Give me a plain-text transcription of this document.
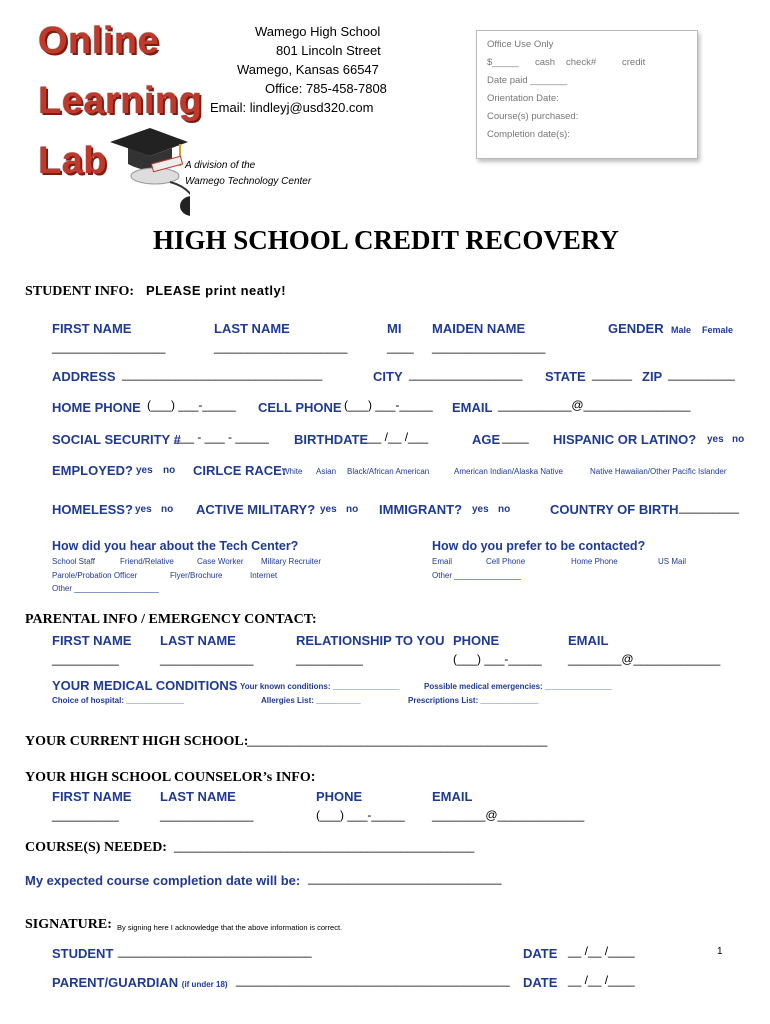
Online
Learning
Lab	A division of the
Wamego Technology Center
Wamego High School
801 Lincoln Street
Wamego, Kansas 66547
Office: 785-458-7808
Email: lindleyj@usd320.com
Office Use Only
$_____ cash check#	credit
Date paid _______
Orientation Date:
Course(s) purchased:
Completion date(s):
HIGH SCHOOL CREDIT RECOVERY
STUDENT INFO: PLEASE print neatly!
FIRST NAME	LAST NAME	MI MAIDEN NAME	GENDER Male Female
_________________	____________________	____ _________________
ADDRESS ______________________________	CITY _________________ STATE ______ ZIP __________
HOME PHONE (___) ___-_____ CELL PHONE (___) ___-_____ EMAIL ___________@________________
SOCIAL SECURITY #
___ - ___ - _____ BIRTHDATE __ /__ /___	AGE ____ HISPANIC OR LATINO? yes no
EMPLOYED? yes no CIRLCE RACE:
White Asian Black/African American	American Indian/Alaska Native	Native Hawaiian/Other Pacific Islander
HOMELESS? yes no ACTIVE MILITARY? yes no IMMIGRANT? yes no	COUNTRY OF BIRTH _________
How did you hear about the Tech Center?
School Staff	Friend/Relative	Case Worker Military Recruiter
Parole/Probation Officer	Flyer/Brochure	Internet
Other ___________________
How do you prefer to be contacted?
Email	Cell Phone	Home Phone	US Mail
Other _______________
PARENTAL INFO / EMERGENCY CONTACT:
FIRST NAME LAST NAME	RELATIONSHIP TO YOU PHONE	EMAIL
__________	______________	__________	(___) ___-_____ ________@_____________
YOUR MEDICAL CONDITIONS Your known conditions: _______________	Possible medical emergencies: _______________
Choice of hospital: _____________	Allergies List: __________	Prescriptions List: _____________
YOUR CURRENT HIGH SCHOOL:
_____________________________________________
YOUR HIGH SCHOOL COUNSELOR’s INFO:
FIRST NAME LAST NAME	PHONE	EMAIL
__________	______________	(___) ___-_____ ________@_____________
COURSE(S) NEEDED: _____________________________________________
My expected course completion date will be: _____________________________
SIGNATURE: By signing here I acknowledge that the above information is correct.
STUDENT _____________________________	DATE __ /__ /____	1
PARENT/GUARDIAN (if under 18) _________________________________________ DATE __ /__ /____
